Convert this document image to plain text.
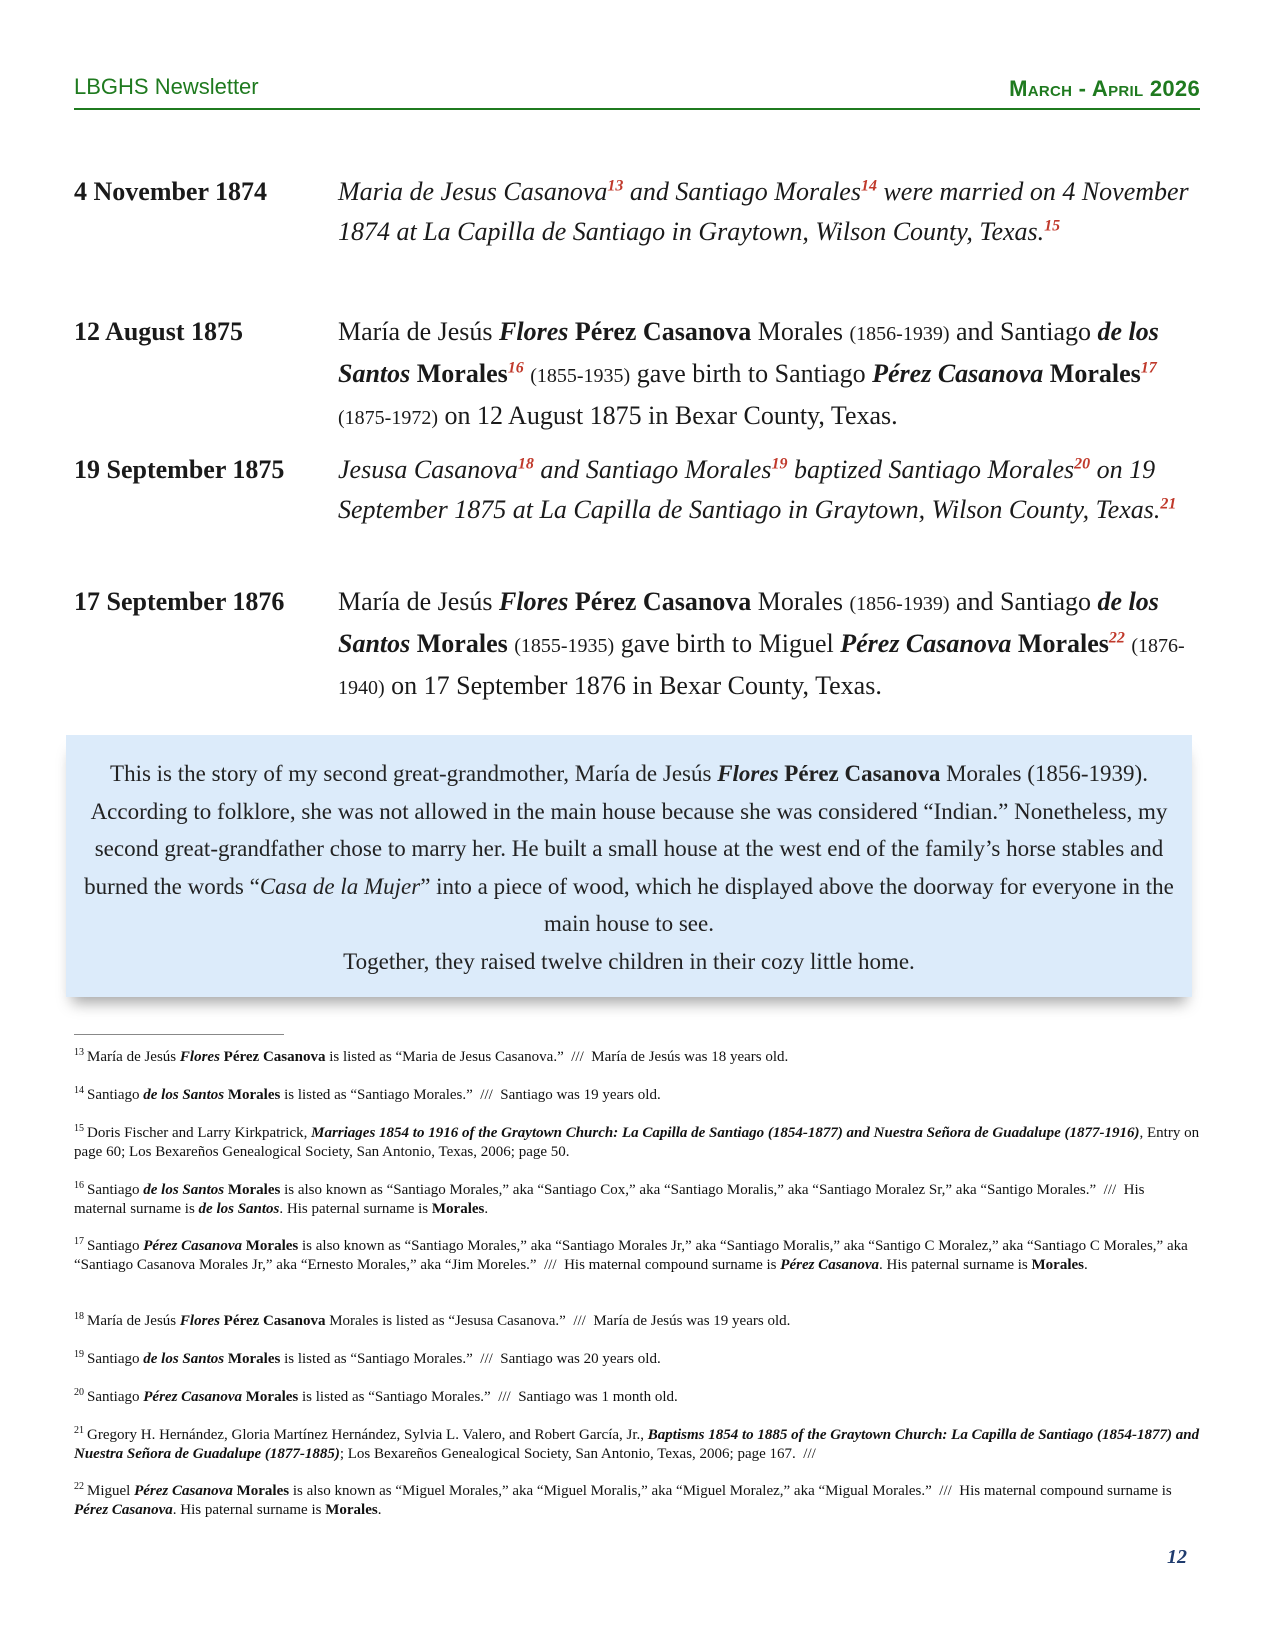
LBGHS Newsletter	March - April 2026
4 November 1874	Maria de Jesus Casanova$^{13}$ and Santiago Morales$^{14}$ were married on 4 November 1874 at La Capilla de Santiago in Graytown, Wilson County, Texas.$^{15}$
12 August 1875	María de Jesús Flores Pérez Casanova Morales (1856-1939) and Santiago de los Santos Morales$^{16}$ (1855-1935) gave birth to Santiago Pérez Casanova Morales$^{17}$ (1875-1972) on 12 August 1875 in Bexar County, Texas.
19 September 1875	Jesusa Casanova$^{18}$ and Santiago Morales$^{19}$ baptized Santiago Morales$^{20}$ on 19 September 1875 at La Capilla de Santiago in Graytown, Wilson County, Texas.$^{21}$
17 September 1876	María de Jesús Flores Pérez Casanova Morales (1856-1939) and Santiago de los Santos Morales (1855-1935) gave birth to Miguel Pérez Casanova Morales$^{22}$ (1876-1940) on 17 September 1876 in Bexar County, Texas.

This is the story of my second great-grandmother, María de Jesús Flores Pérez Casanova Morales (1856-1939). According to folklore, she was not allowed in the main house because she was considered “Indian.” Nonetheless, my second great-grandfather chose to marry her. He built a small house at the west end of the family’s horse stables and burned the words “Casa de la Mujer” into a piece of wood, which he displayed above the doorway for everyone in the main house to see.
Together, they raised twelve children in their cozy little home.

$^{13}$ María de Jesús Flores Pérez Casanova is listed as “Maria de Jesus Casanova.”  ///  María de Jesús was 18 years old.
$^{14}$ Santiago de los Santos Morales is listed as “Santiago Morales.”  ///  Santiago was 19 years old.
$^{15}$ Doris Fischer and Larry Kirkpatrick, Marriages 1854 to 1916 of the Graytown Church: La Capilla de Santiago (1854-1877) and Nuestra Señora de Guadalupe (1877-1916), Entry on page 60; Los Bexareños Genealogical Society, San Antonio, Texas, 2006; page 50.
$^{16}$ Santiago de los Santos Morales is also known as “Santiago Morales,” aka “Santiago Cox,” aka “Santiago Moralis,” aka “Santiago Moralez Sr,” aka “Santigo Morales.”  ///  His maternal surname is de los Santos. His paternal surname is Morales.
$^{17}$ Santiago Pérez Casanova Morales is also known as “Santiago Morales,” aka “Santiago Morales Jr,” aka “Santiago Moralis,” aka “Santigo C Moralez,” aka “Santiago C Morales,” aka “Santiago Casanova Morales Jr,” aka “Ernesto Morales,” aka “Jim Moreles.”  ///  His maternal compound surname is Pérez Casanova. His paternal surname is Morales.
$^{18}$ María de Jesús Flores Pérez Casanova Morales is listed as “Jesusa Casanova.”  ///  María de Jesús was 19 years old.
$^{19}$ Santiago de los Santos Morales is listed as “Santiago Morales.”  ///  Santiago was 20 years old.
$^{20}$ Santiago Pérez Casanova Morales is listed as “Santiago Morales.”  ///  Santiago was 1 month old.
$^{21}$ Gregory H. Hernández, Gloria Martínez Hernández, Sylvia L. Valero, and Robert García, Jr., Baptisms 1854 to 1885 of the Graytown Church: La Capilla de Santiago (1854-1877) and Nuestra Señora de Guadalupe (1877-1885); Los Bexareños Genealogical Society, San Antonio, Texas, 2006; page 167.  ///
$^{22}$ Miguel Pérez Casanova Morales is also known as “Miguel Morales,” aka “Miguel Moralis,” aka “Miguel Moralez,” aka “Migual Morales.”  ///  His maternal compound surname is Pérez Casanova. His paternal surname is Morales.
12
